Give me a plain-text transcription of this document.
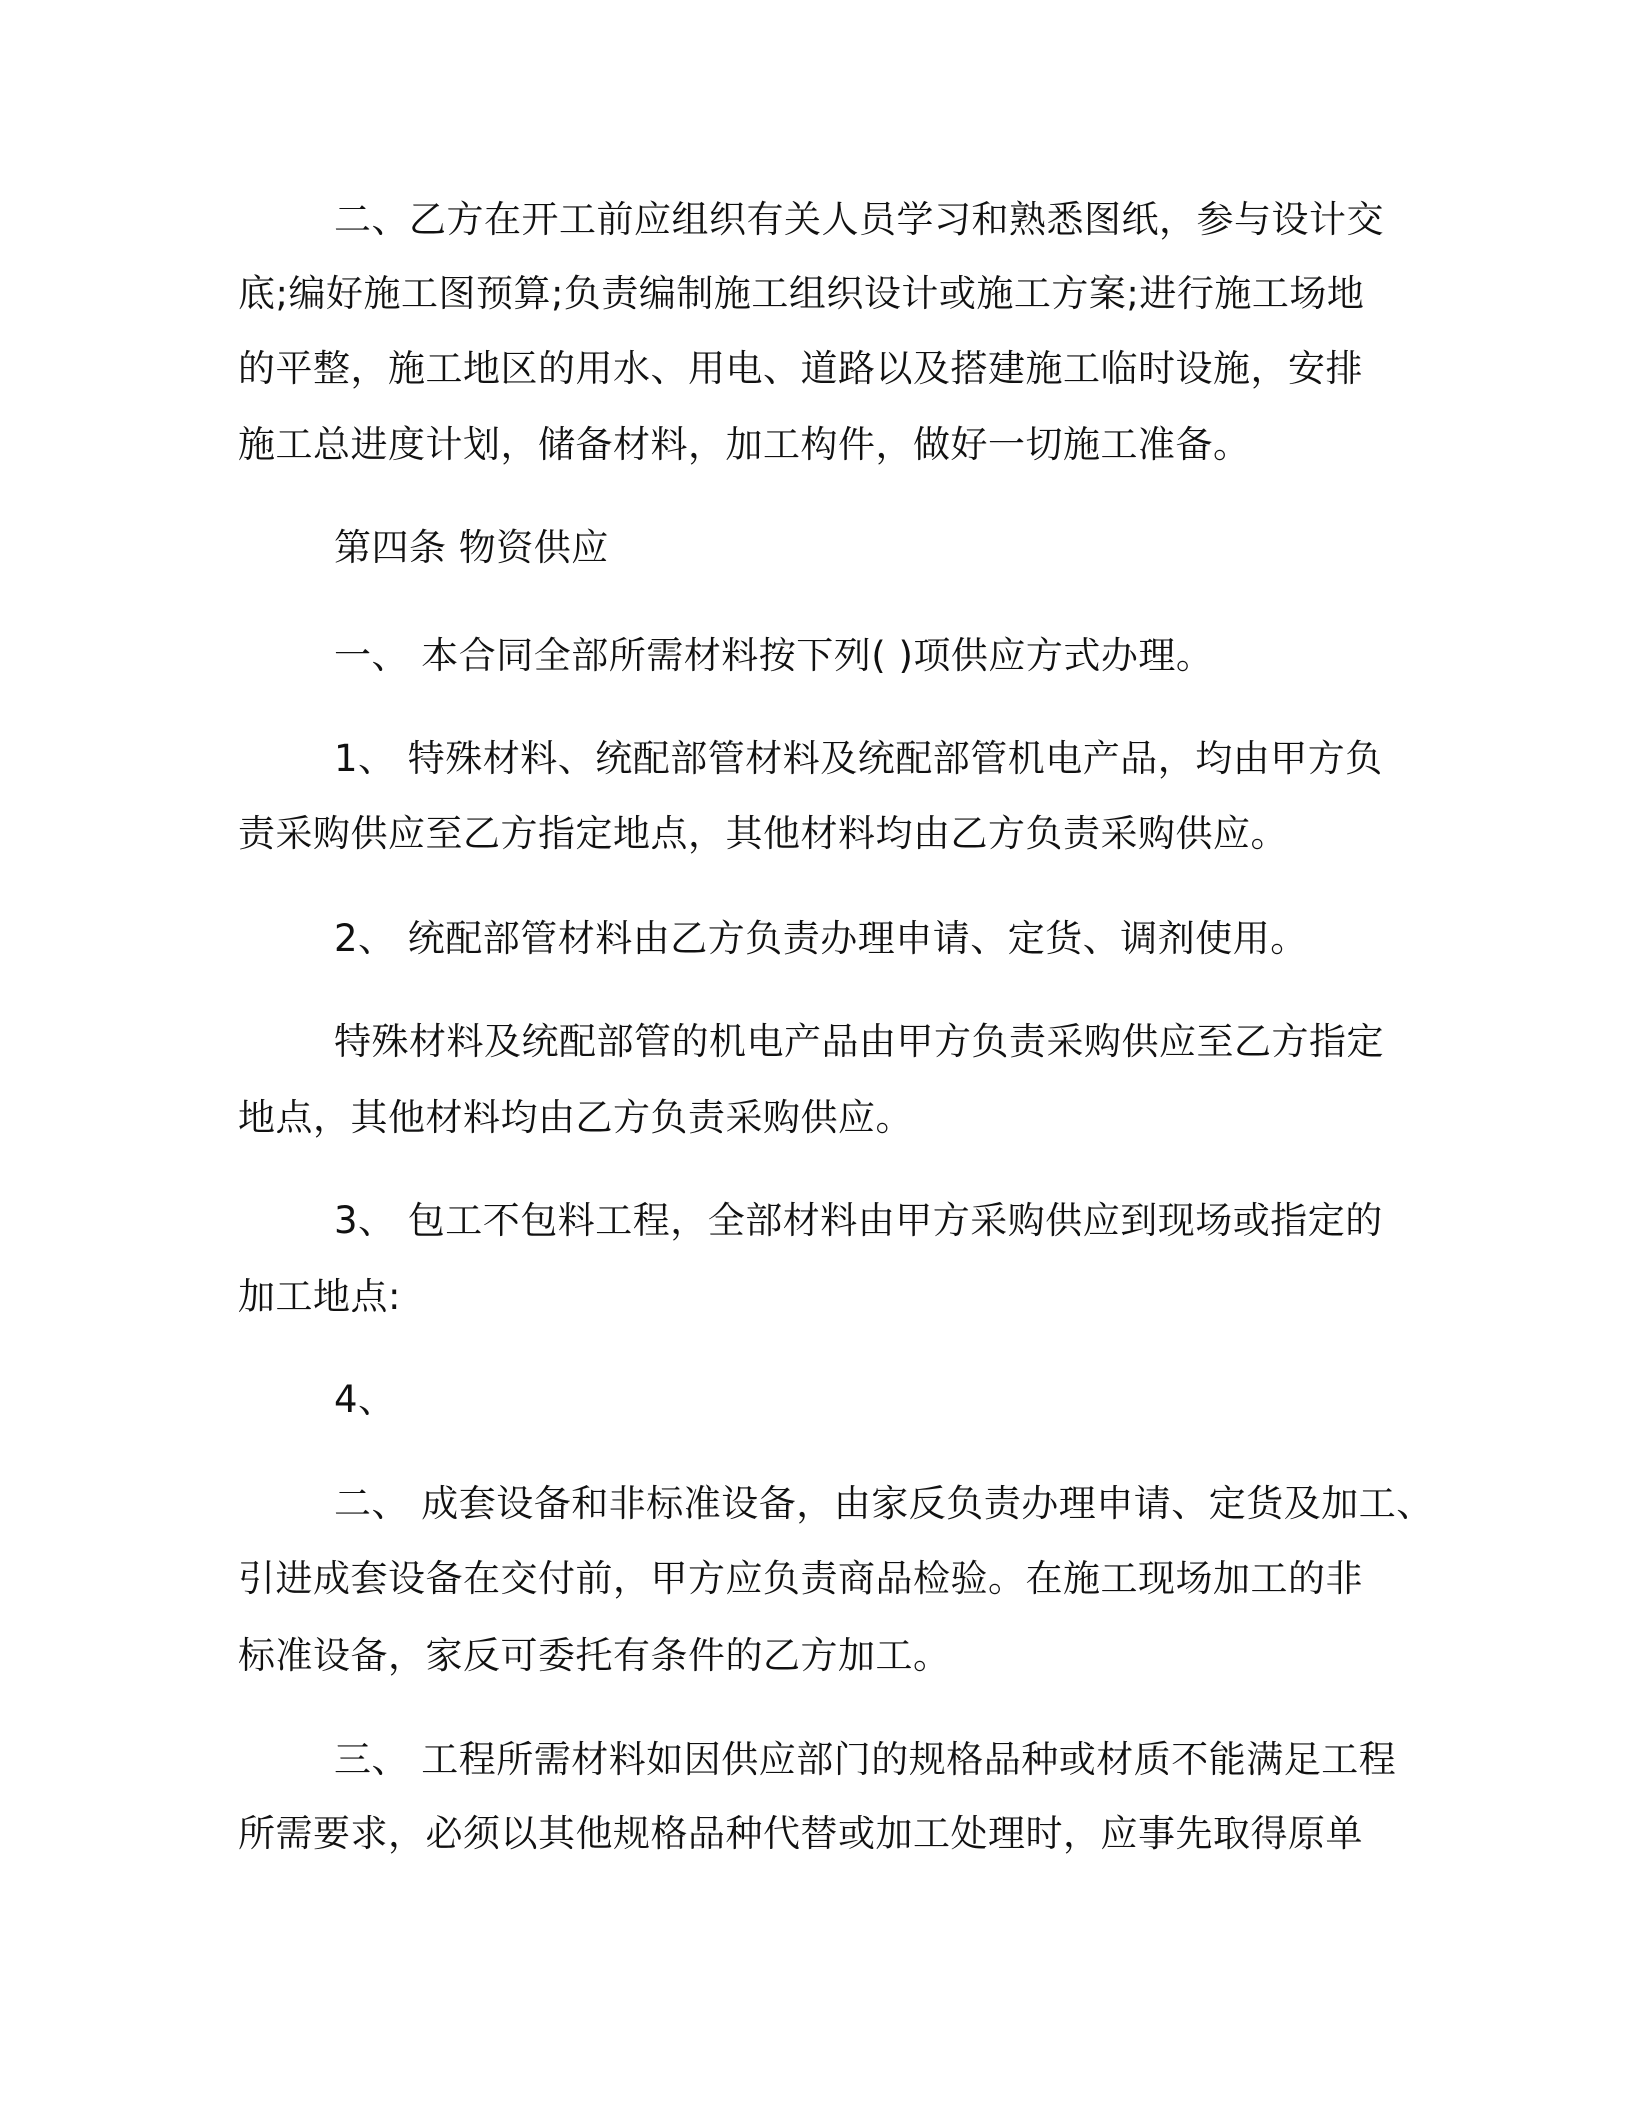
二、乙方在开工前应组织有关人员学习和熟悉图纸，参与设计交

底;编好施工图预算;负责编制施工组织设计或施工方案;进行施工场地

的平整，施工地区的用水、用电、道路以及搭建施工临时设施，安排

施工总进度计划，储备材料，加工构件，做好一切施工准备。

第四条 物资供应

一、 本合同全部所需材料按下列( )项供应方式办理。

1、 特殊材料、统配部管材料及统配部管机电产品，均由甲方负

责采购供应至乙方指定地点，其他材料均由乙方负责采购供应。

2、 统配部管材料由乙方负责办理申请、定货、调剂使用。

特殊材料及统配部管的机电产品由甲方负责采购供应至乙方指定

地点，其他材料均由乙方负责采购供应。

3、 包工不包料工程，全部材料由甲方采购供应到现场或指定的

加工地点:

4、

二、 成套设备和非标准设备，由家反负责办理申请、定货及加工、

引进成套设备在交付前，甲方应负责商品检验。在施工现场加工的非

标准设备，家反可委托有条件的乙方加工。

三、 工程所需材料如因供应部门的规格品种或材质不能满足工程

所需要求，必须以其他规格品种代替或加工处理时，应事先取得原单
